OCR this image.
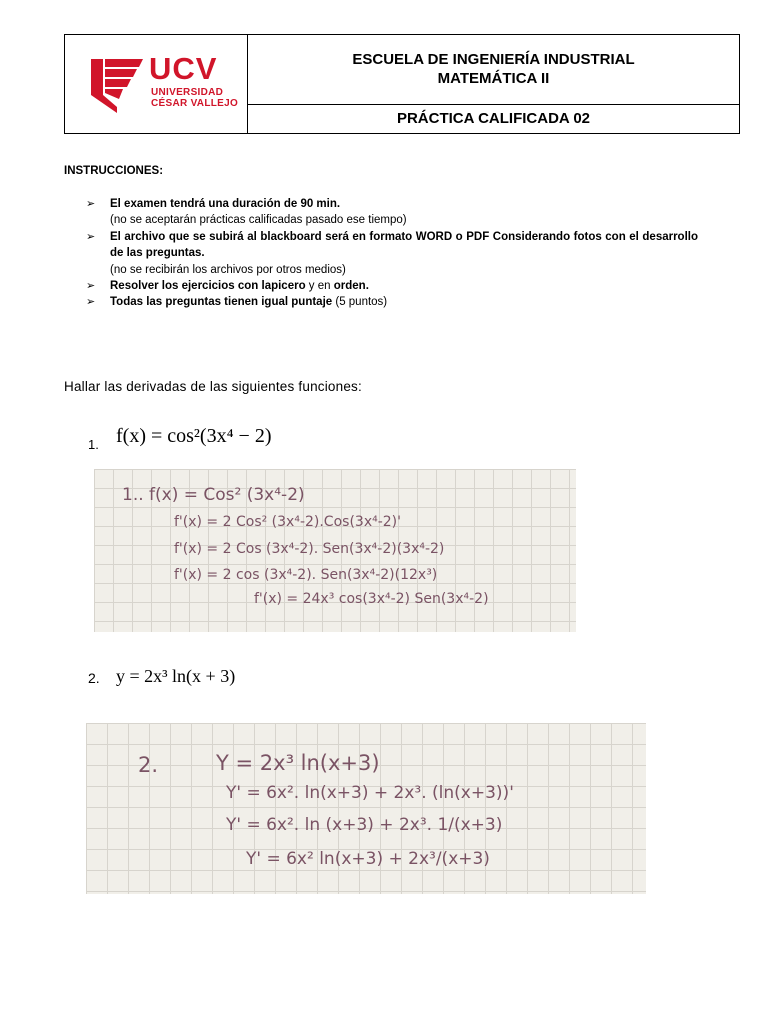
UCV
UNIVERSIDAD
CÉSAR VALLEJO
ESCUELA DE INGENIERÍA INDUSTRIAL
MATEMÁTICA II
PRÁCTICA CALIFICADA 02
INSTRUCCIONES:
➢ El examen tendrá una duración de 90 min.
(no se aceptarán prácticas calificadas pasado ese tiempo)
➢ El archivo que se subirá al blackboard será en formato WORD o PDF Considerando fotos con el desarrollo de las preguntas.
(no se recibirán los archivos por otros medios)
➢ Resolver los ejercicios con lapicero y en orden.
➢ Todas las preguntas tienen igual puntaje (5 puntos)
Hallar las derivadas de las siguientes funciones:
1. f(x) = cos²(3x⁴ − 2)
1.. f(x) = Cos² (3x⁴-2)
f'(x) = 2 Cos² (3x⁴-2).Cos(3x⁴-2)'
f'(x) = 2 Cos (3x⁴-2). Sen(3x⁴-2)(3x⁴-2)
f'(x) = 2 cos (3x⁴-2). Sen(3x⁴-2)(12x³)
f'(x) = 24x³ cos(3x⁴-2) Sen(3x⁴-2)
2. y = 2x³ ln(x + 3)
2.	Y = 2x³ ln(x+3)
Y' = 6x². ln(x+3) + 2x³. (ln(x+3))'
Y' = 6x². ln (x+3) + 2x³. 1/(x+3)
Y' = 6x² ln(x+3) + 2x³/(x+3)
